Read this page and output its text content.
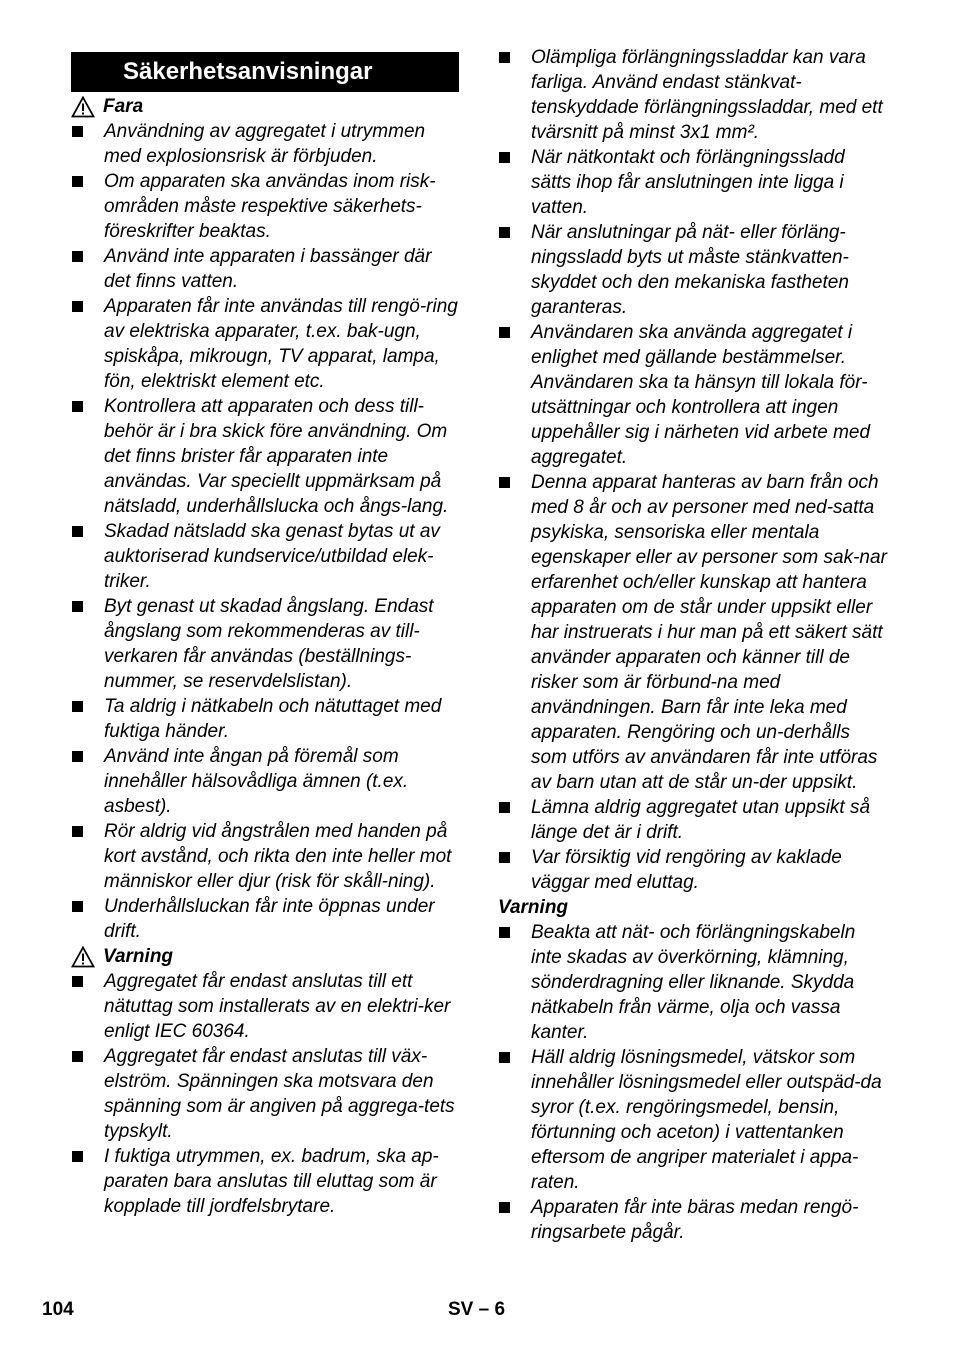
Säkerhetsanvisningar
Fara
Användning av aggregatet i utrymmen med explosionsrisk är förbjuden.
Om apparaten ska användas inom risk-områden måste respektive säkerhets-föreskrifter beaktas.
Använd inte apparaten i bassänger där det finns vatten.
Apparaten får inte användas till rengö-ring av elektriska apparater, t.ex. bak-ugn, spiskåpa, mikrougn, TV apparat, lampa, fön, elektriskt element etc.
Kontrollera att apparaten och dess till-behör är i bra skick före användning. Om det finns brister får apparaten inte användas. Var speciellt uppmärksam på nätsladd, underhållslucka och ångs-lang.
Skadad nätsladd ska genast bytas ut av auktoriserad kundservice/utbildad elek-triker.
Byt genast ut skadad ångslang. Endast ångslang som rekommenderas av till-verkaren får användas (beställnings-nummer, se reservdelslistan).
Ta aldrig i nätkabeln och nätuttaget med fuktiga händer.
Använd inte ångan på föremål som innehåller hälsovådliga ämnen (t.ex. asbest).
Rör aldrig vid ångstrålen med handen på kort avstånd, och rikta den inte heller mot människor eller djur (risk för skåll-ning).
Underhållsluckan får inte öppnas under drift.
Varning
Aggregatet får endast anslutas till ett nätuttag som installerats av en elektri-ker enligt IEC 60364.
Aggregatet får endast anslutas till väx-elström. Spänningen ska motsvara den spänning som är angiven på aggrega-tets typskylt.
I fuktiga utrymmen, ex. badrum, ska ap-paraten bara anslutas till eluttag som är kopplade till jordfelsbrytare.
Olämpliga förlängningssladdar kan vara farliga. Använd endast stänkvat-tenskyddade förlängningssladdar, med ett tvärsnitt på minst 3x1 mm².
När nätkontakt och förlängningssladd sätts ihop får anslutningen inte ligga i vatten.
När anslutningar på nät- eller förläng-ningssladd byts ut måste stänkvatten-skyddet och den mekaniska fastheten garanteras.
Användaren ska använda aggregatet i enlighet med gällande bestämmelser. Användaren ska ta hänsyn till lokala för-utsättningar och kontrollera att ingen uppehåller sig i närheten vid arbete med aggregatet.
Denna apparat hanteras av barn från och med 8 år och av personer med ned-satta psykiska, sensoriska eller mentala egenskaper eller av personer som sak-nar erfarenhet och/eller kunskap att hantera apparaten om de står under uppsikt eller har instruerats i hur man på ett säkert sätt använder apparaten och känner till de risker som är förbund-na med användningen. Barn får inte leka med apparaten. Rengöring och un-derhålls som utförs av användaren får inte utföras av barn utan att de står un-der uppsikt.
Lämna aldrig aggregatet utan uppsikt så länge det är i drift.
Var försiktig vid rengöring av kaklade väggar med eluttag.
Varning
Beakta att nät- och förlängningskabeln inte skadas av överkörning, klämning, sönderdragning eller liknande. Skydda nätkabeln från värme, olja och vassa kanter.
Häll aldrig lösningsmedel, vätskor som innehåller lösningsmedel eller outspäd-da syror (t.ex. rengöringsmedel, bensin, förtunning och aceton) i vattentanken eftersom de angriper materialet i appa-raten.
Apparaten får inte bäras medan rengö-ringsarbete pågår.
104	SV – 6
